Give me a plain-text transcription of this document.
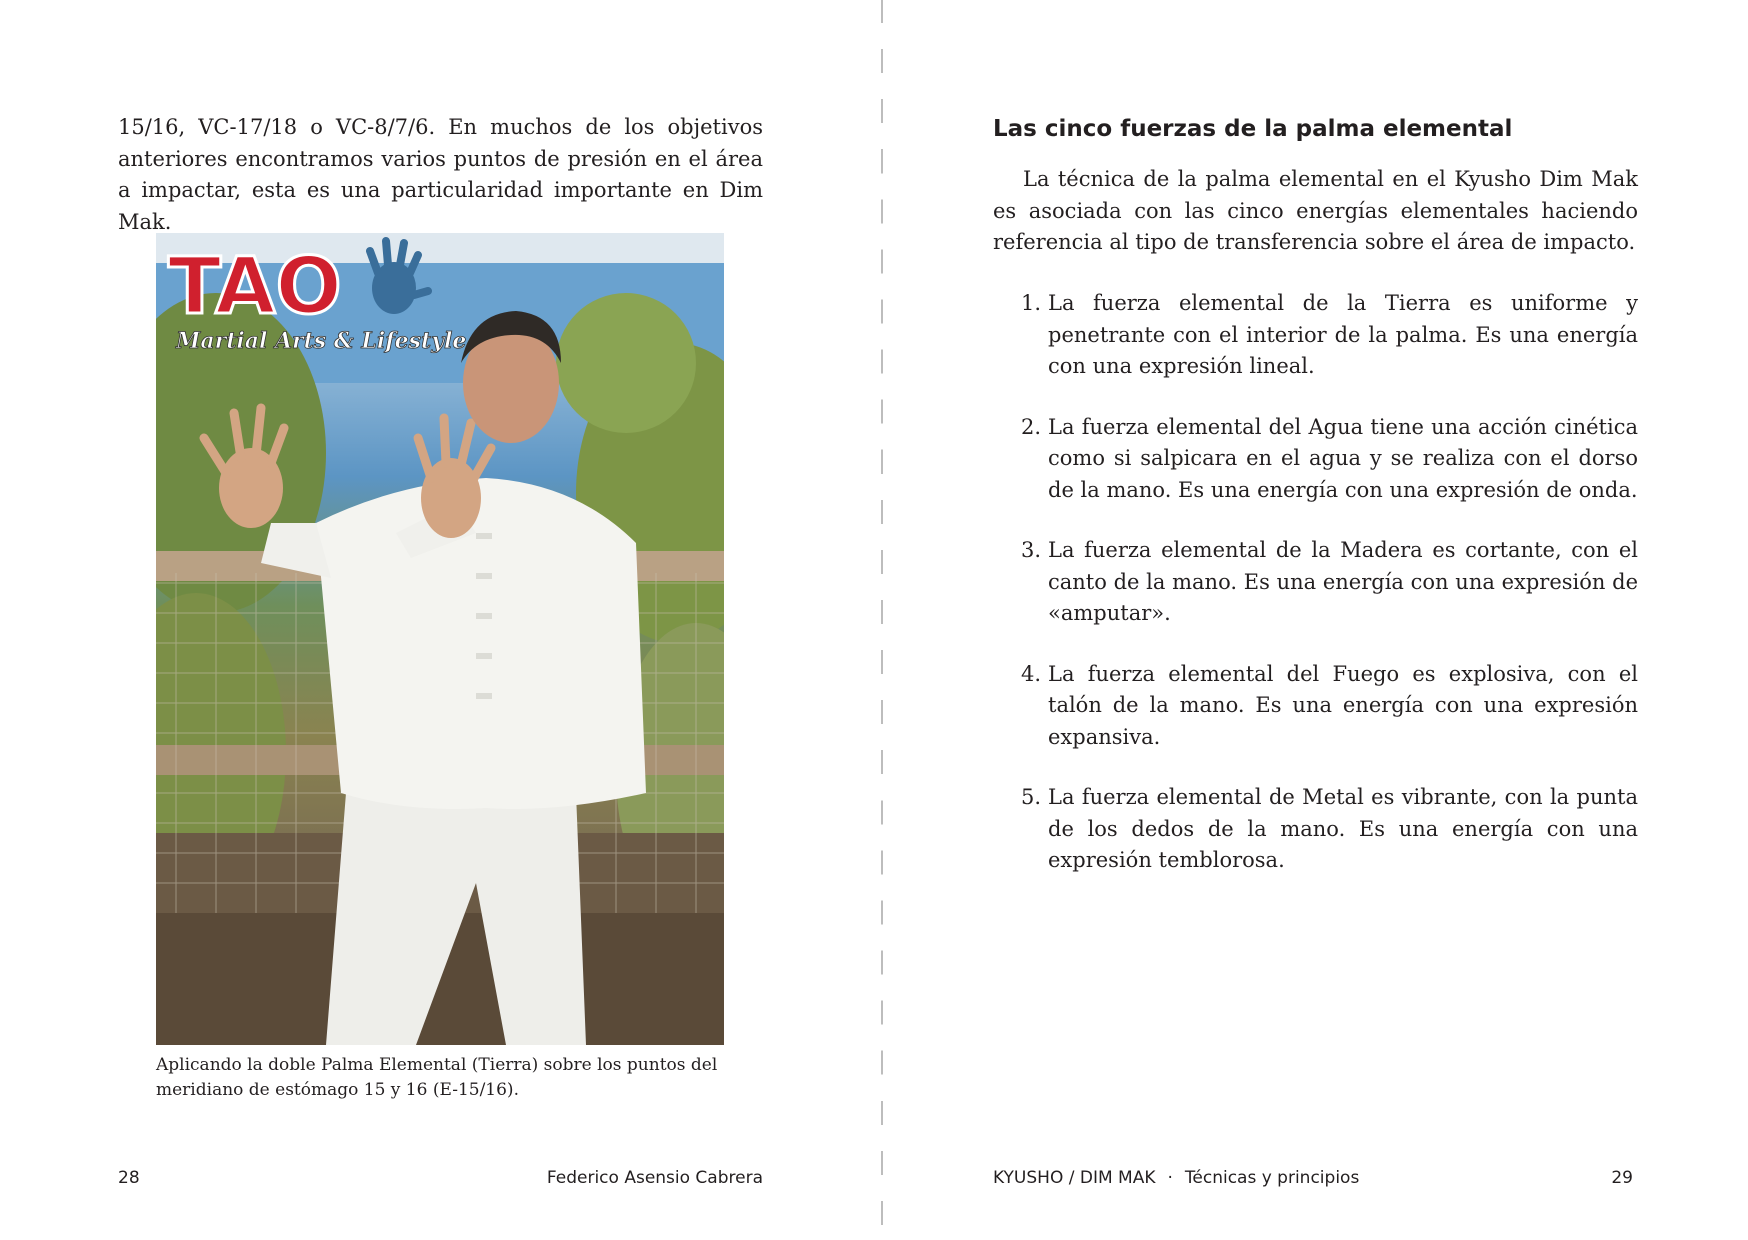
15/16, VC-17/18 o VC-8/7/6. En muchos de los objetivos anteriores encontramos varios puntos de presión en el área a impactar, esta es una particularidad importante en Dim Mak.

TAO
Martial Arts & Lifestyle
Aplicando la doble Palma Elemental (Tierra) sobre los puntos del meridiano de estómago 15 y 16 (E-15/16).
28	Federico Asensio Cabrera
Las cinco fuerzas de la palma elemental

La técnica de la palma elemental en el Kyusho Dim Mak es asociada con las cinco energías elementales haciendo referencia al tipo de transferencia sobre el área de impacto.

1. La fuerza elemental de la Tierra es uniforme y penetrante con el interior de la palma. Es una energía con una expresión lineal.
2. La fuerza elemental del Agua tiene una acción cinética como si salpicara en el agua y se realiza con el dorso de la mano. Es una energía con una expresión de onda.
3. La fuerza elemental de la Madera es cortante, con el canto de la mano. Es una energía con una expresión de «amputar».
4. La fuerza elemental del Fuego es explosiva, con el talón de la mano. Es una energía con una expresión expansiva.
5. La fuerza elemental de Metal es vibrante, con la punta de los dedos de la mano. Es una energía con una expresión temblorosa.
KYUSHO / DIM MAK · Técnicas y principios	29
